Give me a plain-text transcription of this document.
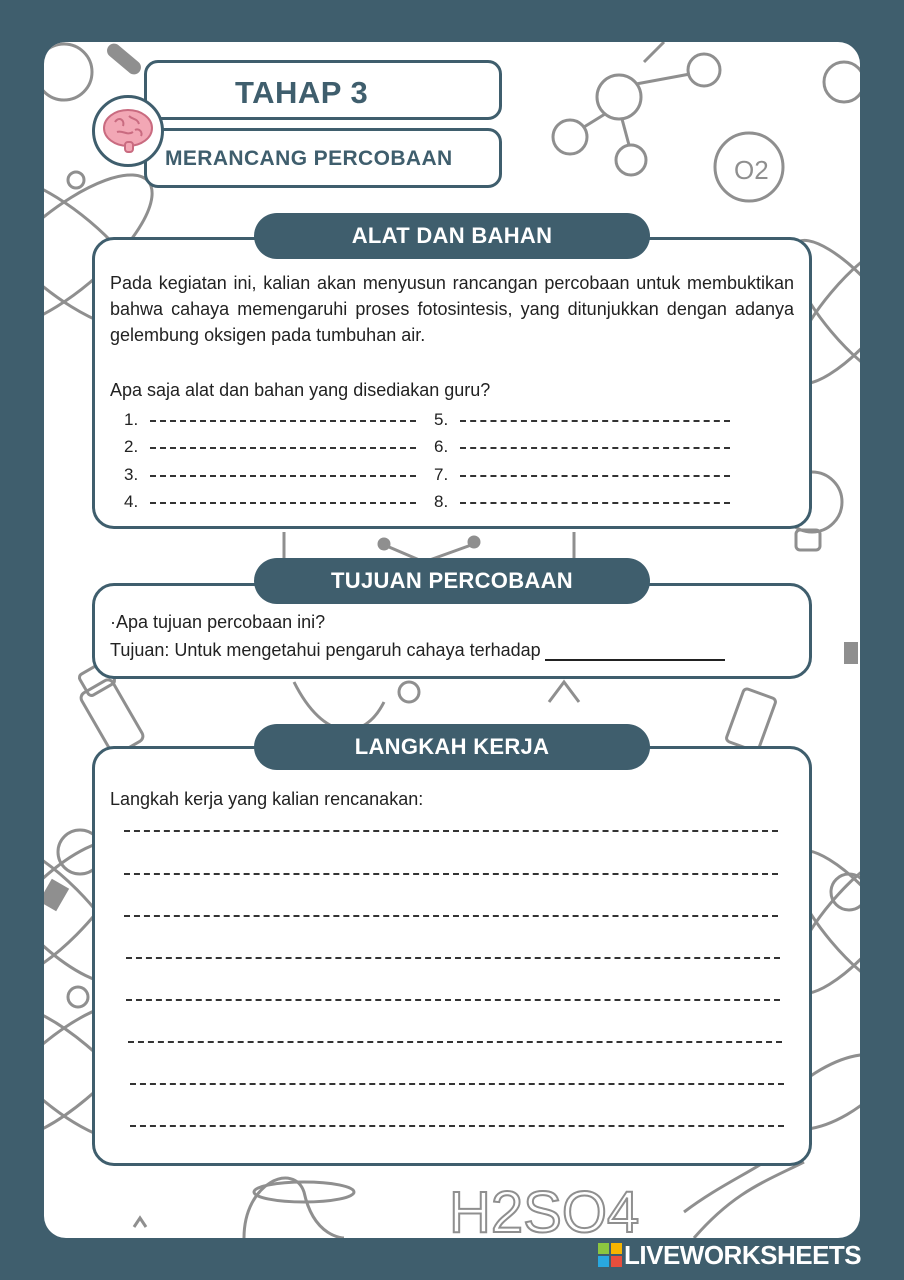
O2
H2SO4
TAHAP 3
MERANCANG PERCOBAAN
ALAT DAN BAHAN
Pada kegiatan ini, kalian akan menyusun rancangan percobaan untuk membuktikan bahwa cahaya memengaruhi proses fotosintesis, yang ditunjukkan dengan adanya gelembung oksigen pada tumbuhan air.
Apa saja alat dan bahan yang disediakan guru?
1.
2.
3.
4.
5.
6.
7.
8.
TUJUAN PERCOBAAN
·Apa tujuan percobaan ini?
Tujuan: Untuk mengetahui pengaruh cahaya terhadap
LANGKAH KERJA
Langkah kerja yang kalian rencanakan:
LIVEWORKSHEETS
